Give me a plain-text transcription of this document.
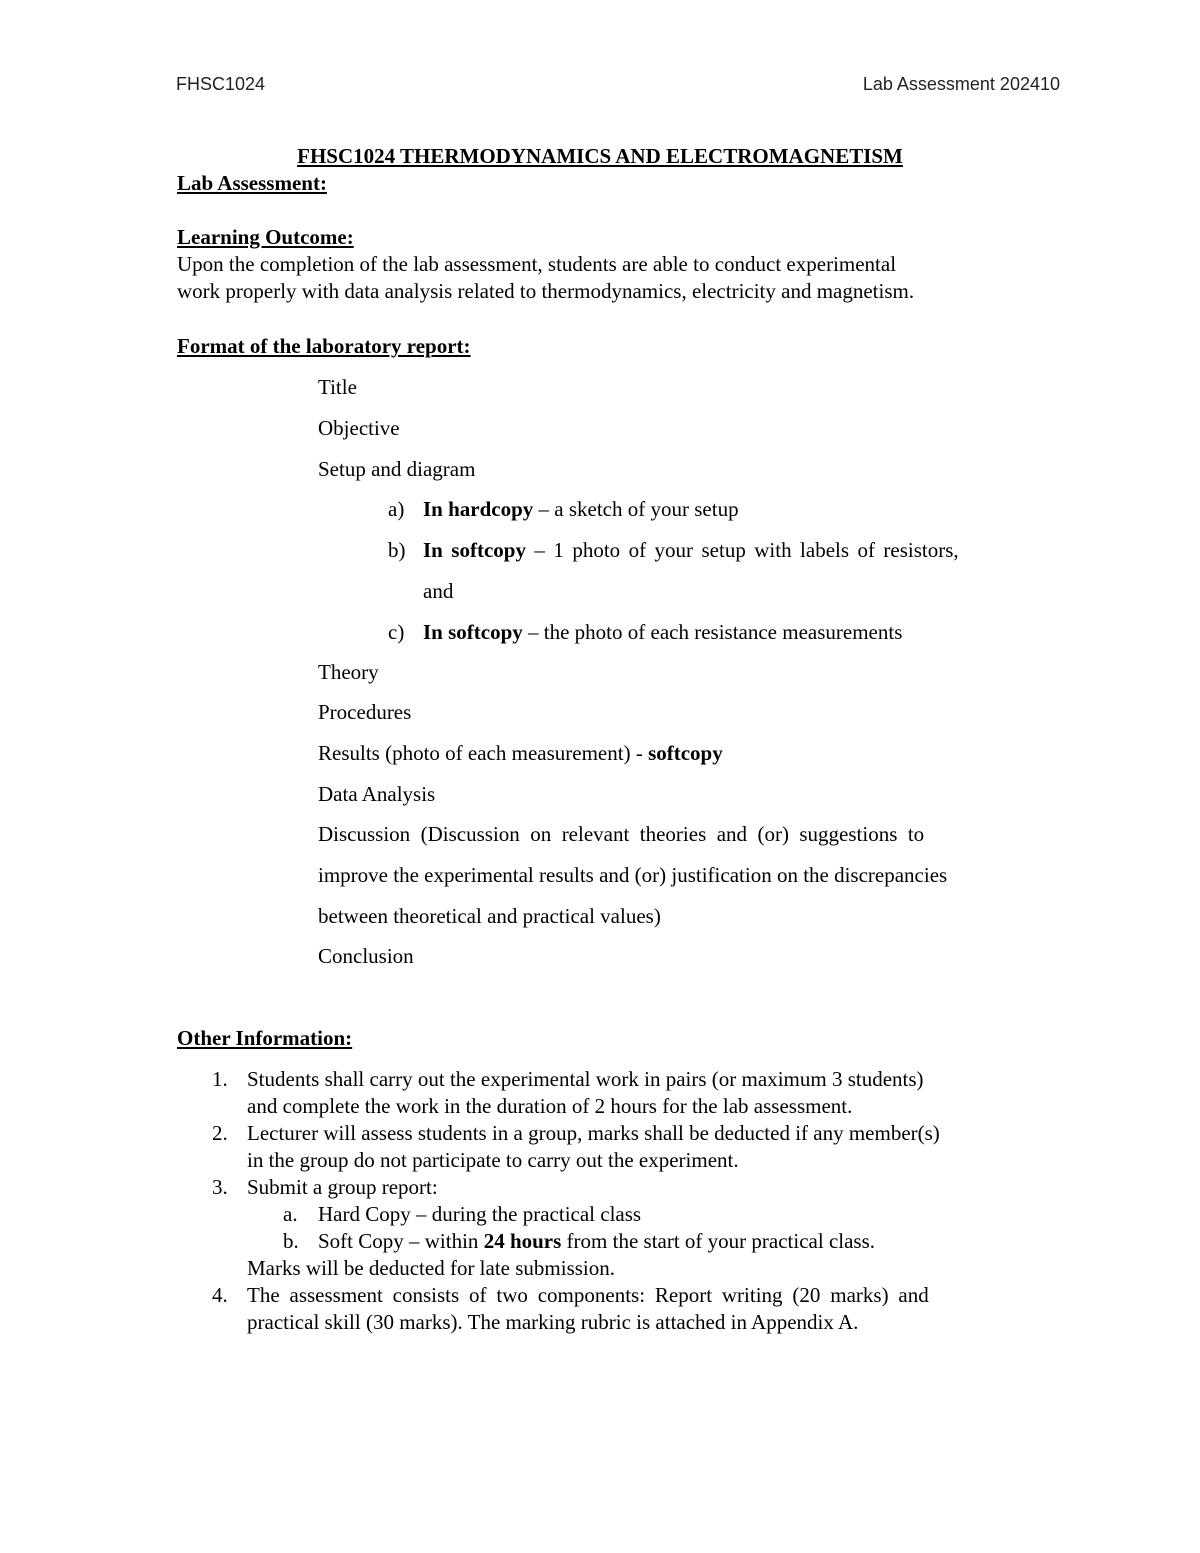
FHSC1024	Lab Assessment 202410
FHSC1024 THERMODYNAMICS AND ELECTROMAGNETISM
Lab Assessment:
Learning Outcome:
Upon the completion of the lab assessment, students are able to conduct experimental
work properly with data analysis related to thermodynamics, electricity and magnetism.
Format of the laboratory report:
Title
Objective
Setup and diagram
a) In hardcopy – a sketch of your setup
b) In softcopy – 1 photo of your setup with labels of resistors,
and
c) In softcopy – the photo of each resistance measurements
Theory
Procedures
Results (photo of each measurement) - softcopy
Data Analysis
Discussion (Discussion on relevant theories and (or) suggestions to
improve the experimental results and (or) justification on the discrepancies
between theoretical and practical values)
Conclusion
Other Information:
1. Students shall carry out the experimental work in pairs (or maximum 3 students)
and complete the work in the duration of 2 hours for the lab assessment.
2. Lecturer will assess students in a group, marks shall be deducted if any member(s)
in the group do not participate to carry out the experiment.
3. Submit a group report:
a. Hard Copy – during the practical class
b. Soft Copy – within 24 hours from the start of your practical class.
Marks will be deducted for late submission.
4. The assessment consists of two components: Report writing (20 marks) and
practical skill (30 marks). The marking rubric is attached in Appendix A.
